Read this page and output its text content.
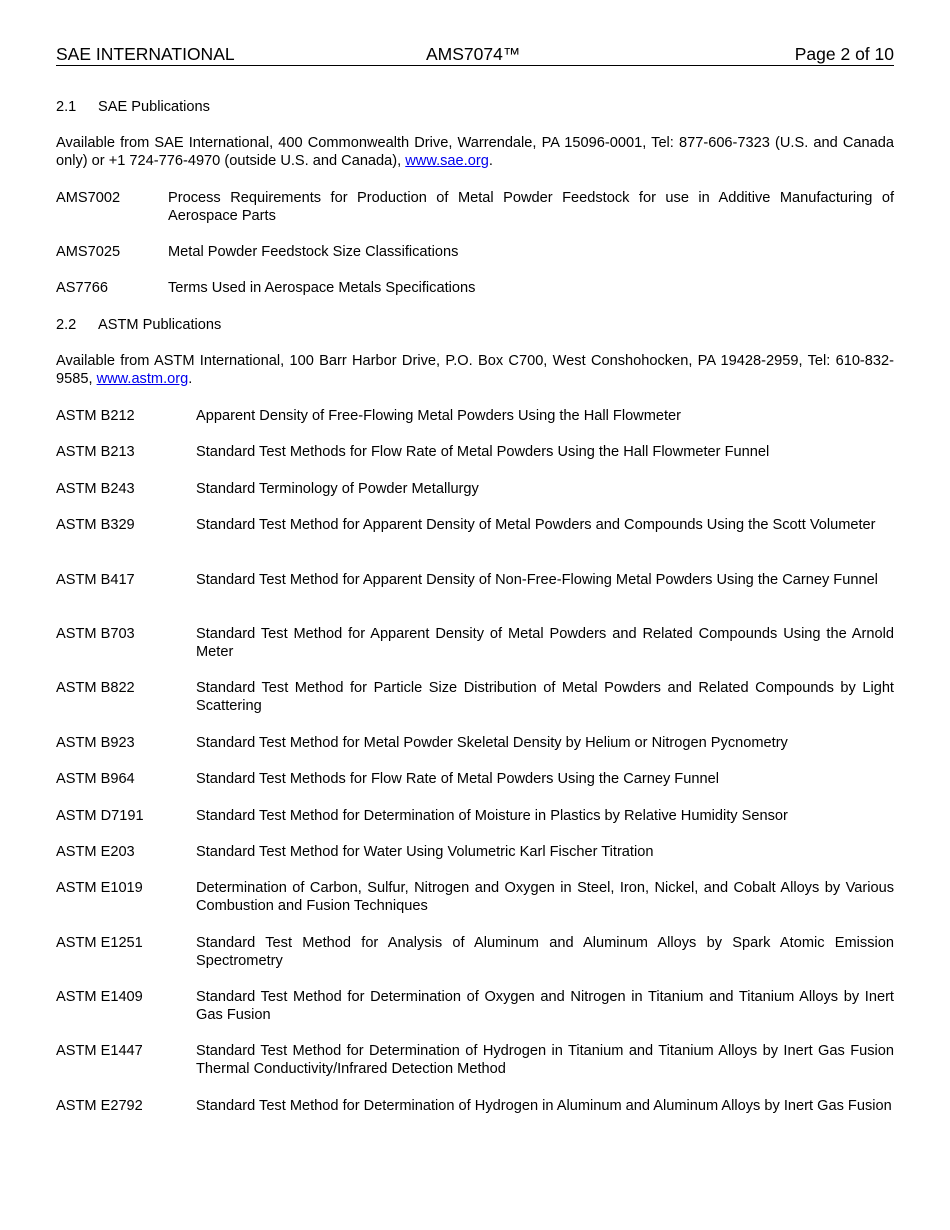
SAE INTERNATIONAL	AMS7074™	Page 2 of 10
2.1 SAE Publications
Available from SAE International, 400 Commonwealth Drive, Warrendale, PA 15096-0001, Tel: 877-606-7323 (U.S. and Canada only) or +1 724-776-4970 (outside U.S. and Canada), www.sae.org.
AMS7002	Process Requirements for Production of Metal Powder Feedstock for use in Additive Manufacturing of Aerospace Parts
AMS7025	Metal Powder Feedstock Size Classifications
AS7766	Terms Used in Aerospace Metals Specifications
2.2 ASTM Publications
Available from ASTM International, 100 Barr Harbor Drive, P.O. Box C700, West Conshohocken, PA 19428-2959, Tel: 610-832-9585, www.astm.org.
ASTM B212	Apparent Density of Free-Flowing Metal Powders Using the Hall Flowmeter
ASTM B213	Standard Test Methods for Flow Rate of Metal Powders Using the Hall Flowmeter Funnel
ASTM B243	Standard Terminology of Powder Metallurgy
ASTM B329	Standard Test Method for Apparent Density of Metal Powders and Compounds Using the Scott Volumeter
ASTM B417	Standard Test Method for Apparent Density of Non-Free-Flowing Metal Powders Using the Carney Funnel
ASTM B703	Standard Test Method for Apparent Density of Metal Powders and Related Compounds Using the Arnold Meter
ASTM B822	Standard Test Method for Particle Size Distribution of Metal Powders and Related Compounds by Light Scattering
ASTM B923	Standard Test Method for Metal Powder Skeletal Density by Helium or Nitrogen Pycnometry
ASTM B964	Standard Test Methods for Flow Rate of Metal Powders Using the Carney Funnel
ASTM D7191	Standard Test Method for Determination of Moisture in Plastics by Relative Humidity Sensor
ASTM E203	Standard Test Method for Water Using Volumetric Karl Fischer Titration
ASTM E1019	Determination of Carbon, Sulfur, Nitrogen and Oxygen in Steel, Iron, Nickel, and Cobalt Alloys by Various Combustion and Fusion Techniques
ASTM E1251	Standard Test Method for Analysis of Aluminum and Aluminum Alloys by Spark Atomic Emission Spectrometry
ASTM E1409	Standard Test Method for Determination of Oxygen and Nitrogen in Titanium and Titanium Alloys by Inert Gas Fusion
ASTM E1447	Standard Test Method for Determination of Hydrogen in Titanium and Titanium Alloys by Inert Gas Fusion Thermal Conductivity/Infrared Detection Method
ASTM E2792	Standard Test Method for Determination of Hydrogen in Aluminum and Aluminum Alloys by Inert Gas Fusion
